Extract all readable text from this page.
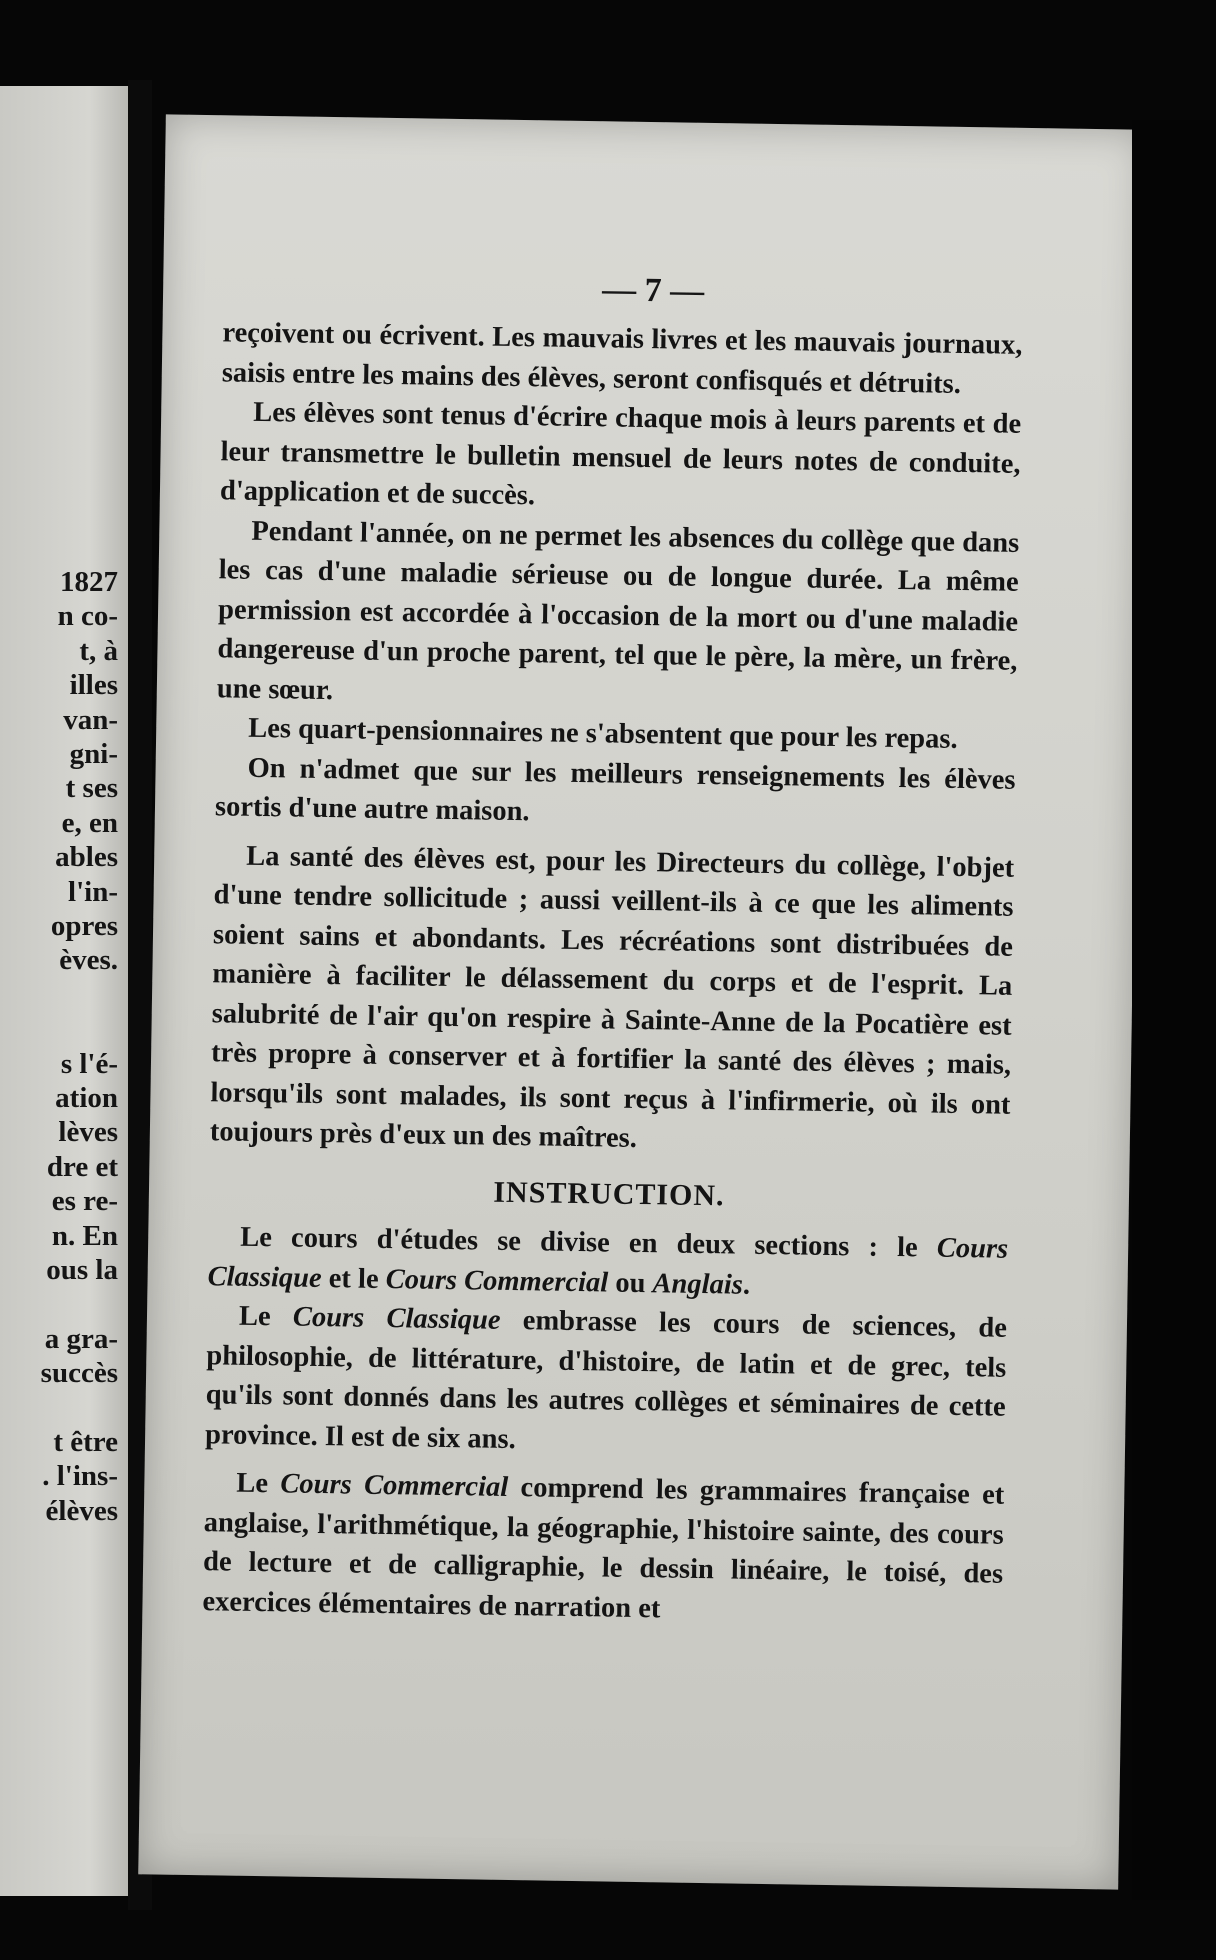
1827
n co-
t, à
illes
van-
gni-
t ses
e, en
ables
l'in-
opres
èves.
s l'é-
ation
lèves
dre et
es re-
n. En
ous la
a gra-
succès
t être
. l'ins-
élèves
— 7 —

reçoivent ou écrivent. Les mauvais livres et les mauvais journaux, saisis entre les mains des élèves, seront confisqués et détruits.

Les élèves sont tenus d'écrire chaque mois à leurs parents et de leur transmettre le bulletin mensuel de leurs notes de conduite, d'application et de succès.

Pendant l'année, on ne permet les absences du collège que dans les cas d'une maladie sérieuse ou de longue durée. La même permission est accordée à l'occasion de la mort ou d'une maladie dangereuse d'un proche parent, tel que le père, la mère, un frère, une sœur.

Les quart-pensionnaires ne s'absentent que pour les repas.

On n'admet que sur les meilleurs renseignements les élèves sortis d'une autre maison.

La santé des élèves est, pour les Directeurs du collège, l'objet d'une tendre sollicitude ; aussi veillent-ils à ce que les aliments soient sains et abondants. Les récréations sont distribuées de manière à faciliter le délassement du corps et de l'esprit. La salubrité de l'air qu'on respire à Sainte-Anne de la Pocatière est très propre à conserver et à fortifier la santé des élèves ; mais, lorsqu'ils sont malades, ils sont reçus à l'infirmerie, où ils ont toujours près d'eux un des maîtres.

INSTRUCTION.

Le cours d'études se divise en deux sections : le Cours Classique et le Cours Commercial ou Anglais.

Le Cours Classique embrasse les cours de sciences, de philosophie, de littérature, d'histoire, de latin et de grec, tels qu'ils sont donnés dans les autres collèges et séminaires de cette province. Il est de six ans.

Le Cours Commercial comprend les grammaires française et anglaise, l'arithmétique, la géographie, l'histoire sainte, des cours de lecture et de calligraphie, le dessin linéaire, le toisé, des exercices élémentaires de narration et
